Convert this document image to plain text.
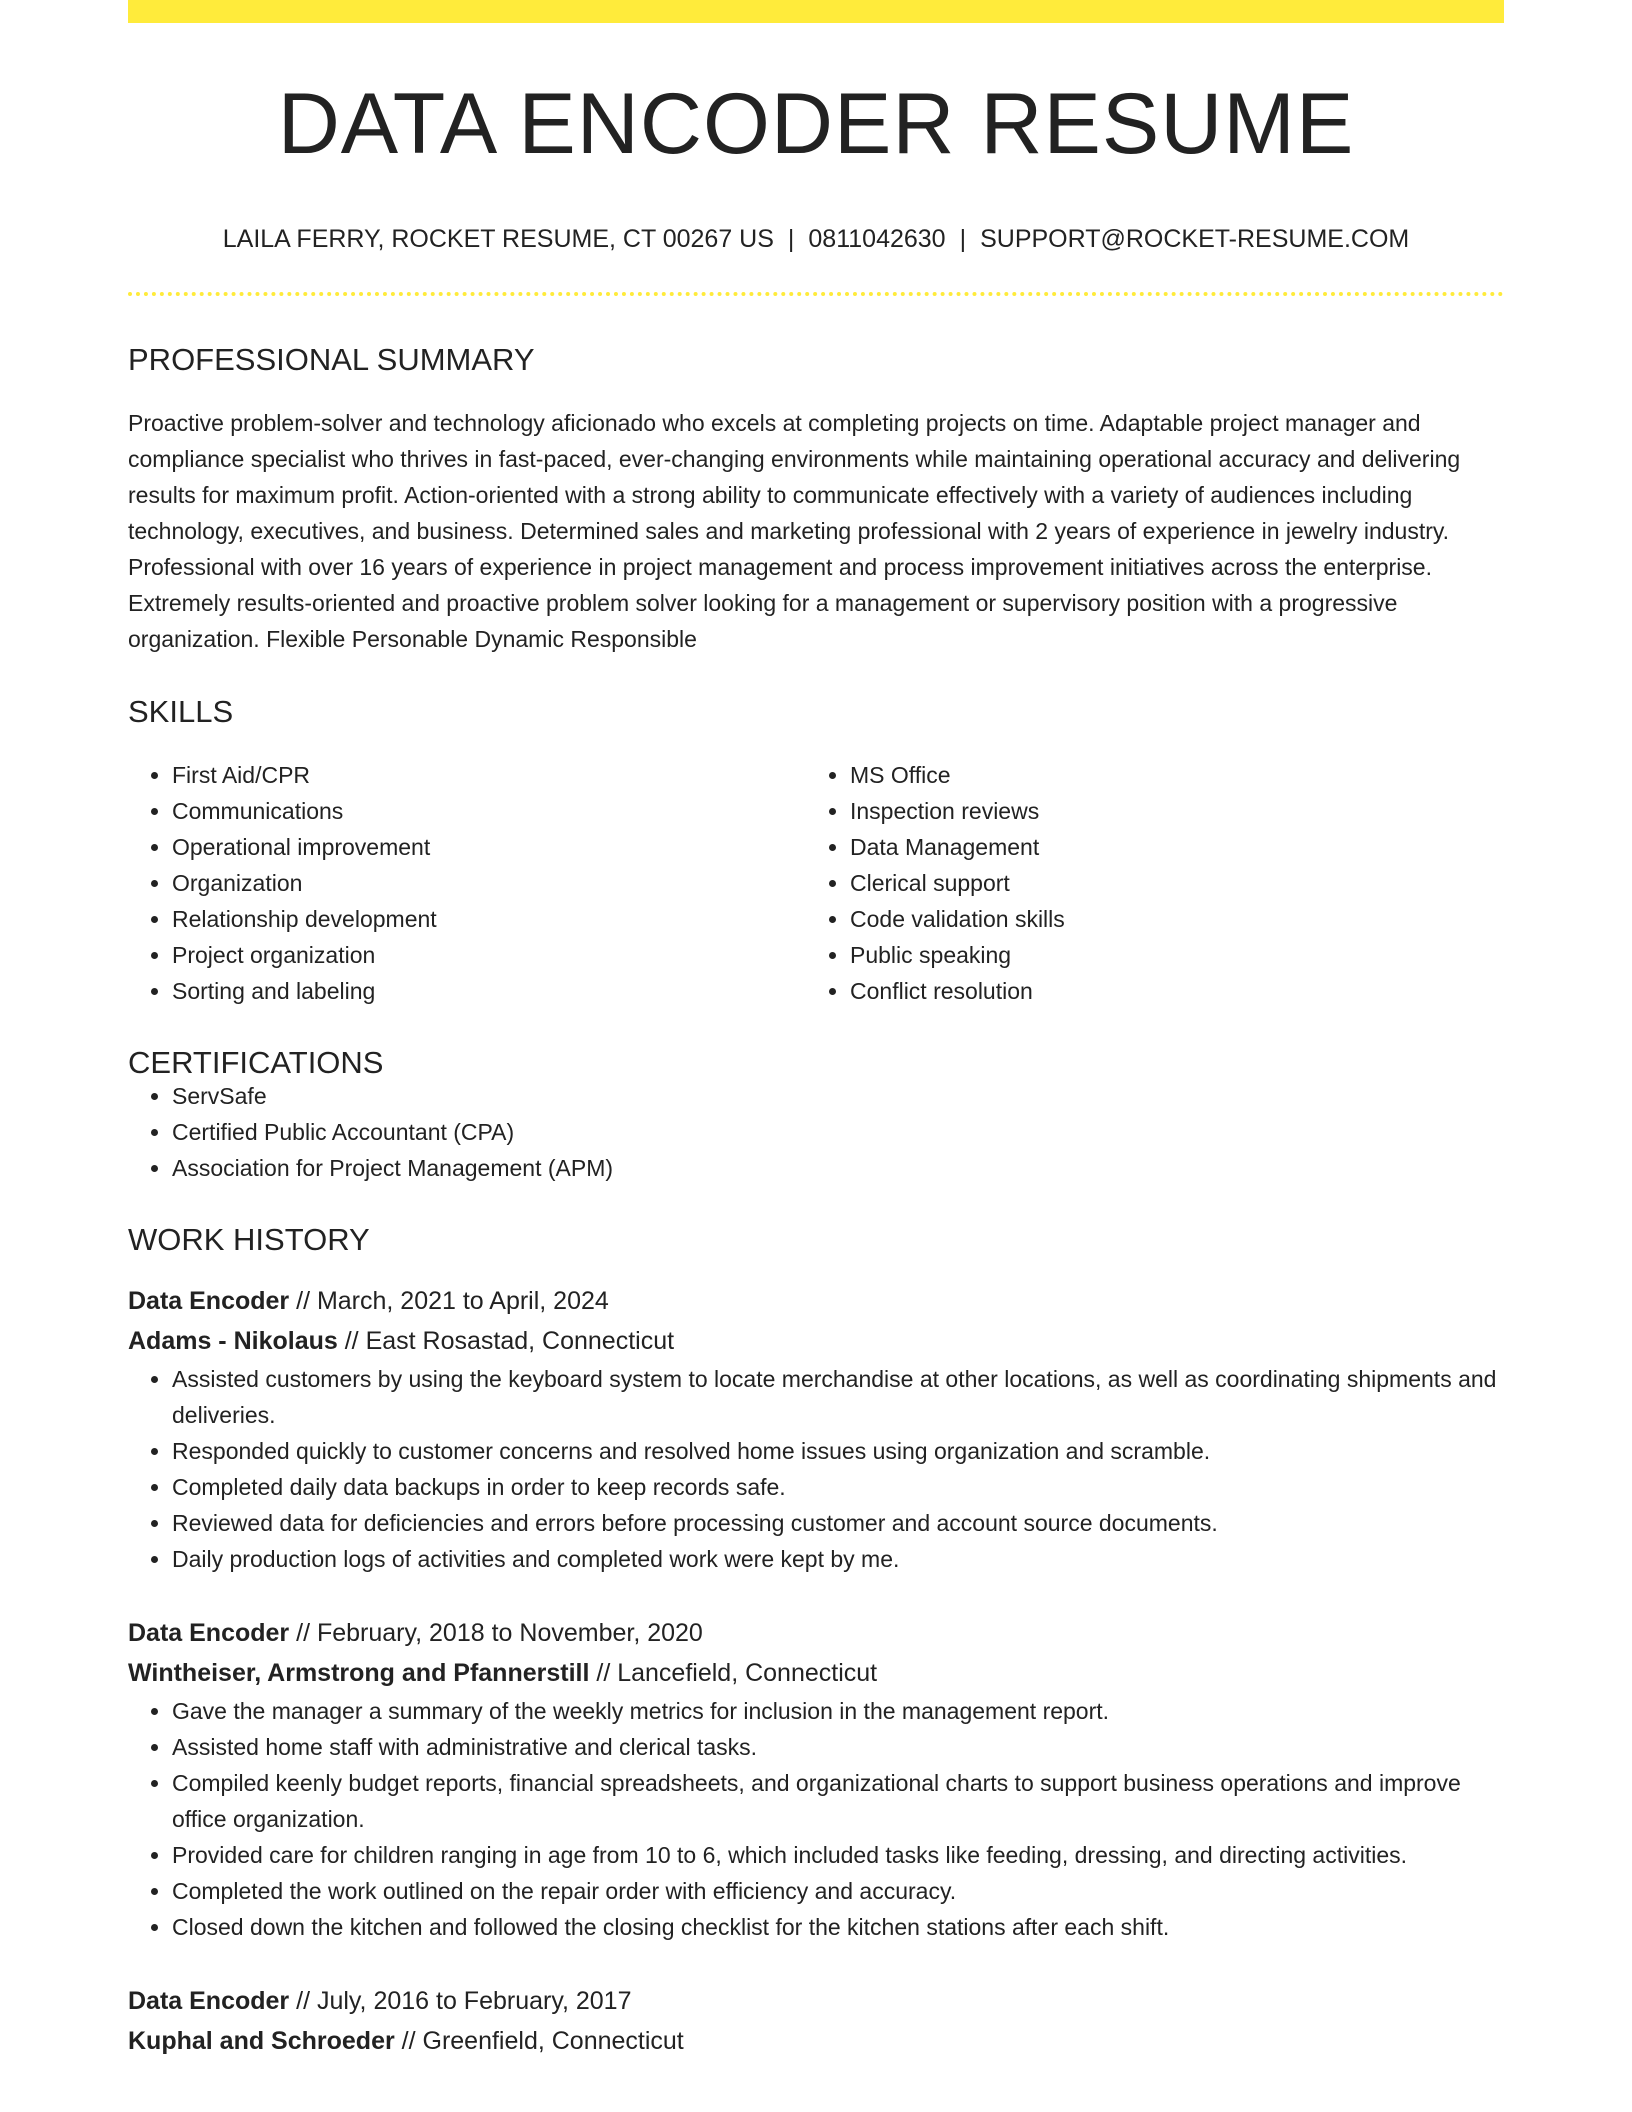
DATA ENCODER RESUME
LAILA FERRY, ROCKET RESUME, CT 00267 US | 0811042630 | SUPPORT@ROCKET-RESUME.COM
PROFESSIONAL SUMMARY

Proactive problem-solver and technology aficionado who excels at completing projects on time. Adaptable project manager and compliance specialist who thrives in fast-paced, ever-changing environments while maintaining operational accuracy and delivering results for maximum profit. Action-oriented with a strong ability to communicate effectively with a variety of audiences including technology, executives, and business. Determined sales and marketing professional with 2 years of experience in jewelry industry. Professional with over 16 years of experience in project management and process improvement initiatives across the enterprise. Extremely results-oriented and proactive problem solver looking for a management or supervisory position with a progressive organization. Flexible Personable Dynamic Responsible

SKILLS
• First Aid/CPR
• Communications
• Operational improvement
• Organization
• Relationship development
• Project organization
• Sorting and labeling
• MS Office
• Inspection reviews
• Data Management
• Clerical support
• Code validation skills
• Public speaking
• Conflict resolution
CERTIFICATIONS
• ServSafe
• Certified Public Accountant (CPA)
• Association for Project Management (APM)
WORK HISTORY
Data Encoder // March, 2021 to April, 2024
Adams - Nikolaus // East Rosastad, Connecticut
• Assisted customers by using the keyboard system to locate merchandise at other locations, as well as coordinating shipments and deliveries.
• Responded quickly to customer concerns and resolved home issues using organization and scramble.
• Completed daily data backups in order to keep records safe.
• Reviewed data for deficiencies and errors before processing customer and account source documents.
• Daily production logs of activities and completed work were kept by me.
Data Encoder // February, 2018 to November, 2020
Wintheiser, Armstrong and Pfannerstill // Lancefield, Connecticut
• Gave the manager a summary of the weekly metrics for inclusion in the management report.
• Assisted home staff with administrative and clerical tasks.
• Compiled keenly budget reports, financial spreadsheets, and organizational charts to support business operations and improve office organization.
• Provided care for children ranging in age from 10 to 6, which included tasks like feeding, dressing, and directing activities.
• Completed the work outlined on the repair order with efficiency and accuracy.
• Closed down the kitchen and followed the closing checklist for the kitchen stations after each shift.
Data Encoder // July, 2016 to February, 2017
Kuphal and Schroeder // Greenfield, Connecticut
